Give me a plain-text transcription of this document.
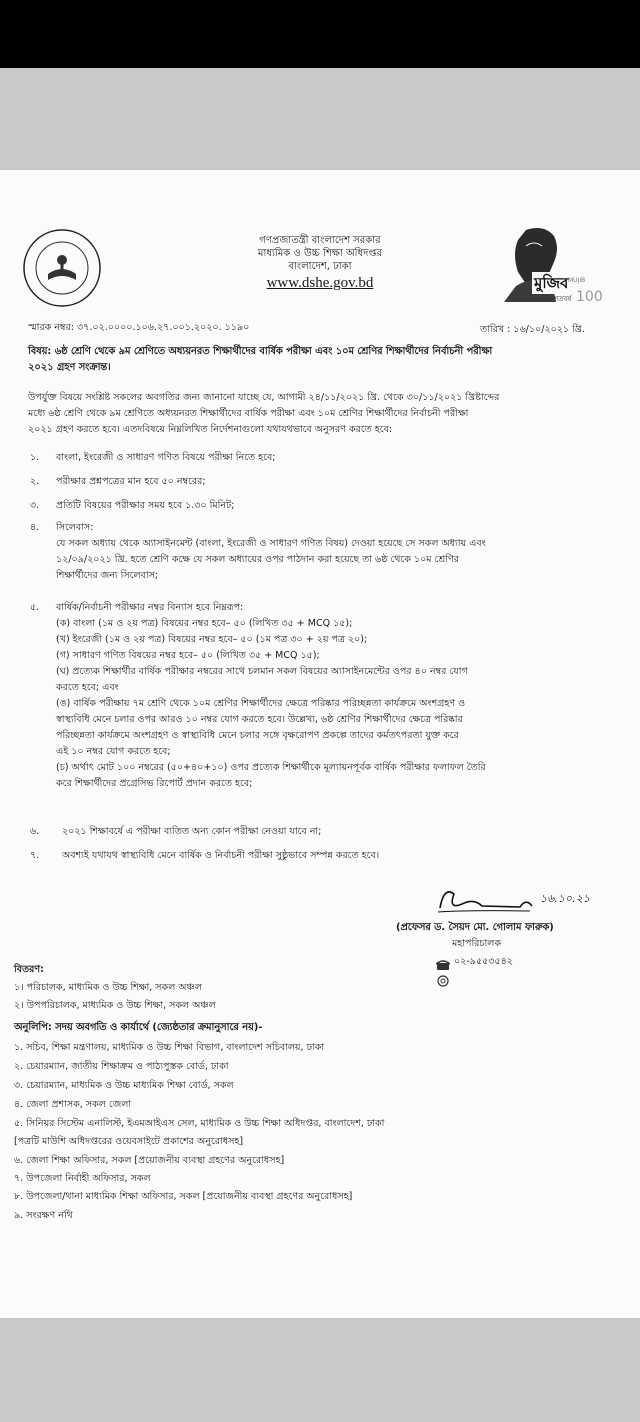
গণপ্রজাতন্ত্রী বাংলাদেশ সরকার
মাধ্যমিক ও উচ্চ শিক্ষা অধিদপ্তর
বাংলাদেশ, ঢাকা
www.dshe.gov.bd	মুজিব MUJIB
100
শতবর্ষ
স্মারক নম্বর: ৩৭.০২.০০০০.১০৬.২৭.০০১.২০২০. ১১৯০	তারিখ : ১৬/১০/২০২১ খ্রি.
বিষয়: ৬ষ্ঠ শ্রেণি থেকে ৯ম শ্রেণিতে অধ্যয়নরত শিক্ষার্থীদের বার্ষিক পরীক্ষা এবং ১০ম শ্রেণির শিক্ষার্থীদের নির্বাচনী পরীক্ষা
২০২১ গ্রহণ সংক্রান্ত।
উপর্যুক্ত বিষয়ে সংশ্লিষ্ট সকলের অবগতির জন্য জানানো যাচ্ছে যে, আগামী ২৪/১১/২০২১ খ্রি. থেকে ৩০/১১/২০২১ খ্রিষ্টাব্দের
মধ্যে ৬ষ্ঠ শ্রেণি থেকে ৯ম শ্রেণিতে অধ্যয়নরত শিক্ষার্থীদের বার্ষিক পরীক্ষা এবং ১০ম শ্রেণির শিক্ষার্থীদের নির্বাচনী পরীক্ষা
২০২১ গ্রহণ করতে হবে। এতদবিষয়ে নিম্নলিখিত নির্দেশনাগুলো যথাযথভাবে অনুসরণ করতে হবে:
১. বাংলা, ইংরেজী ও সাধারণ গণিত বিষয়ে পরীক্ষা নিতে হবে;
২. পরীক্ষার প্রশ্নপত্রের মান হবে ৫০ নম্বরের;
৩. প্রতিটি বিষয়ের পরীক্ষার সময় হবে ১.৩০ মিনিট;
৪. সিলেবাস:
যে সকল অধ্যায় থেকে অ্যাসাইনমেন্ট (বাংলা, ইংরেজী ও সাধারণ গণিত বিষয়) দেওয়া হয়েছে সে সকল অধ্যায় এবং
১২/০৯/২০২১ খ্রি. হতে শ্রেণি কক্ষে যে সকল অধ্যায়ের ওপর পাঠদান করা হয়েছে তা ৬ষ্ঠ থেকে ১০ম শ্রেণির
শিক্ষার্থীদের জন্য সিলেবাস;
৫. বার্ষিক/নির্বাচনী পরীক্ষার নম্বর বিন্যাস হবে নিম্নরূপ:
(ক) বাংলা (১ম ও ২য় পত্র) বিষয়ের নম্বর হবে– ৫০ (লিখিত ৩৫ + MCQ ১৫);
(খ) ইংরেজী (১ম ও ২য় পত্র) বিষয়ের নম্বর হবে– ৫০ (১ম পত্র ৩০ + ২য় পত্র ২০);
(গ) সাধারণ গণিত বিষয়ের নম্বর হবে– ৫০ (লিখিত ৩৫ + MCQ ১৫);
(ঘ) প্রত্যেক শিক্ষার্থীর বার্ষিক পরীক্ষার নম্বরের সাথে চলমান সকল বিষয়ের অ্যাসাইনমেন্টের ওপর ৪০ নম্বর যোগ
করতে হবে; এবং
(ঙ) বার্ষিক পরীক্ষায় ৭ম শ্রেণি থেকে ১০ম শ্রেণির শিক্ষার্থীদের ক্ষেত্রে পরিষ্কার পরিচ্ছন্নতা কার্যক্রমে অংশগ্রহণ ও
স্বাস্থ্যবিধি মেনে চলার ওপর আরও ১০ নম্বর যোগ করতে হবে। উল্লেখ্য, ৬ষ্ঠ শ্রেণির শিক্ষার্থীদের ক্ষেত্রে পরিষ্কার
পরিচ্ছন্নতা কার্যক্রমে অংশগ্রহণ ও স্বাস্থ্যবিধি মেনে চলার সঙ্গে বৃক্ষরোপণ প্রকল্পে তাদের কর্মতৎপরতা যুক্ত করে
এই ১০ নম্বর যোগ করতে হবে;
(চ) অর্থাৎ মোট ১০০ নম্বরের (৫০+৪০+১০) ওপর প্রত্যেক শিক্ষার্থীকে মূল্যায়নপূর্বক বার্ষিক পরীক্ষার ফলাফল তৈরি
করে শিক্ষার্থীদের প্রগ্রেসিভ রিপোর্ট প্রদান করতে হবে;
৬. ২০২১ শিক্ষাবর্ষে এ পরীক্ষা ব্যতিত অন্য কোন পরীক্ষা নেওয়া যাবে না;
৭. অবশ্যই যথাযথ স্বাস্থ্যবিধি মেনে বার্ষিক ও নির্বাচনী পরীক্ষা সুষ্ঠুভাবে সম্পন্ন করতে হবে।
১৬.১০.২১
(প্রফেসর ড. সৈয়দ মো. গোলাম ফারুক)
মহাপরিচালক
০২-৯৫৫৩৫৪২
বিতরণ:
১। পরিচালক, মাধ্যমিক ও উচ্চ শিক্ষা, সকল অঞ্চল
২। উপপরিচালক, মাধ্যমিক ও উচ্চ শিক্ষা, সকল অঞ্চল
অনুলিপি: সদয় অবগতি ও কার্যার্থে (জ্যেষ্ঠতার ক্রমানুসারে নয়)-
১. সচিব, শিক্ষা মন্ত্রণালয়, মাধ্যমিক ও উচ্চ শিক্ষা বিভাগ, বাংলাদেশ সচিবালয়, ঢাকা
২. চেয়ারম্যান, জাতীয় শিক্ষাক্রম ও পাঠ্যপুস্তক বোর্ড, ঢাকা
৩. চেয়ারম্যান, মাধ্যমিক ও উচ্চ মাধ্যমিক শিক্ষা বোর্ড, সকল
৪. জেলা প্রশাসক, সকল জেলা
৫. সিনিয়র সিস্টেম এনালিস্ট, ইএমআইএস সেল, মাধ্যমিক ও উচ্চ শিক্ষা অধিদপ্তর, বাংলাদেশ, ঢাকা
[পত্রটি মাউশি অধিদপ্তরের ওয়েবসাইটে প্রকাশের অনুরোধসহ]
৬. জেলা শিক্ষা অফিসার, সকল [প্রয়োজনীয় ব্যবস্থা গ্রহণের অনুরোধসহ]
৭. উপজেলা নির্বাহী অফিসার, সকল
৮. উপজেলা/থানা মাধ্যমিক শিক্ষা অফিসার, সকল [প্রয়োজনীয় ব্যবস্থা গ্রহণের অনুরোধসহ]
৯. সংরক্ষণ নথি
